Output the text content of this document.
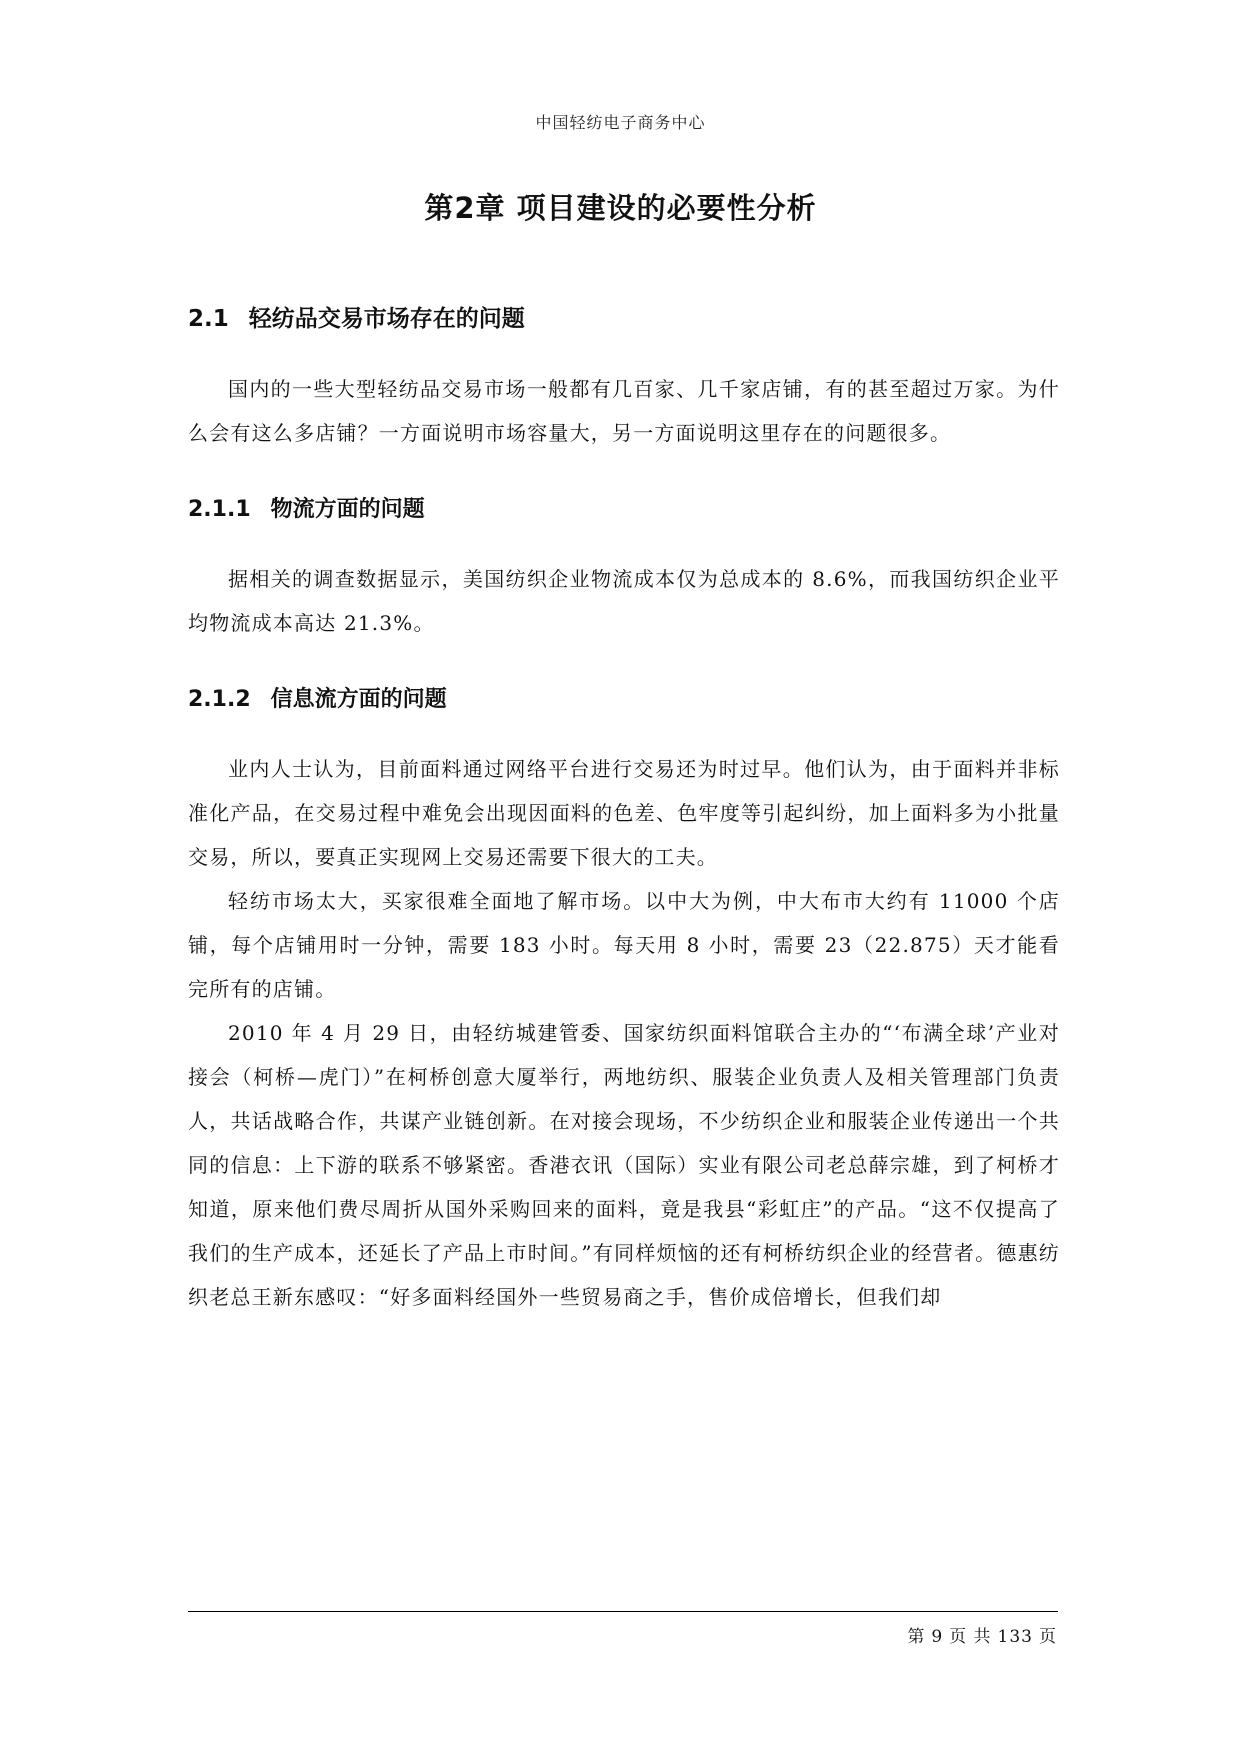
中国轻纺电子商务中心
第2章 项目建设的必要性分析
2.1 轻纺品交易市场存在的问题

国内的一些大型轻纺品交易市场一般都有几百家、几千家店铺，有的甚至超过万家。为什么会有这么多店铺？一方面说明市场容量大，另一方面说明这里存在的问题很多。

2.1.1 物流方面的问题

据相关的调查数据显示，美国纺织企业物流成本仅为总成本的 8.6%，而我国纺织企业平均物流成本高达 21.3%。

2.1.2 信息流方面的问题

业内人士认为，目前面料通过网络平台进行交易还为时过早。他们认为，由于面料并非标准化产品，在交易过程中难免会出现因面料的色差、色牢度等引起纠纷，加上面料多为小批量交易，所以，要真正实现网上交易还需要下很大的工夫。

轻纺市场太大，买家很难全面地了解市场。以中大为例，中大布市大约有 11000 个店铺，每个店铺用时一分钟，需要 183 小时。每天用 8 小时，需要 23（22.875）天才能看完所有的店铺。

2010 年 4 月 29 日，由轻纺城建管委、国家纺织面料馆联合主办的“‘布满全球’产业对接会（柯桥—虎门）”在柯桥创意大厦举行，两地纺织、服装企业负责人及相关管理部门负责人，共话战略合作，共谋产业链创新。在对接会现场，不少纺织企业和服装企业传递出一个共同的信息：上下游的联系不够紧密。香港衣讯（国际）实业有限公司老总薛宗雄，到了柯桥才知道，原来他们费尽周折从国外采购回来的面料，竟是我县“彩虹庄”的产品。“这不仅提高了我们的生产成本，还延长了产品上市时间。”有同样烦恼的还有柯桥纺织企业的经营者。德惠纺织老总王新东感叹：“好多面料经国外一些贸易商之手，售价成倍增长，但我们却

第 9 页 共 133 页
